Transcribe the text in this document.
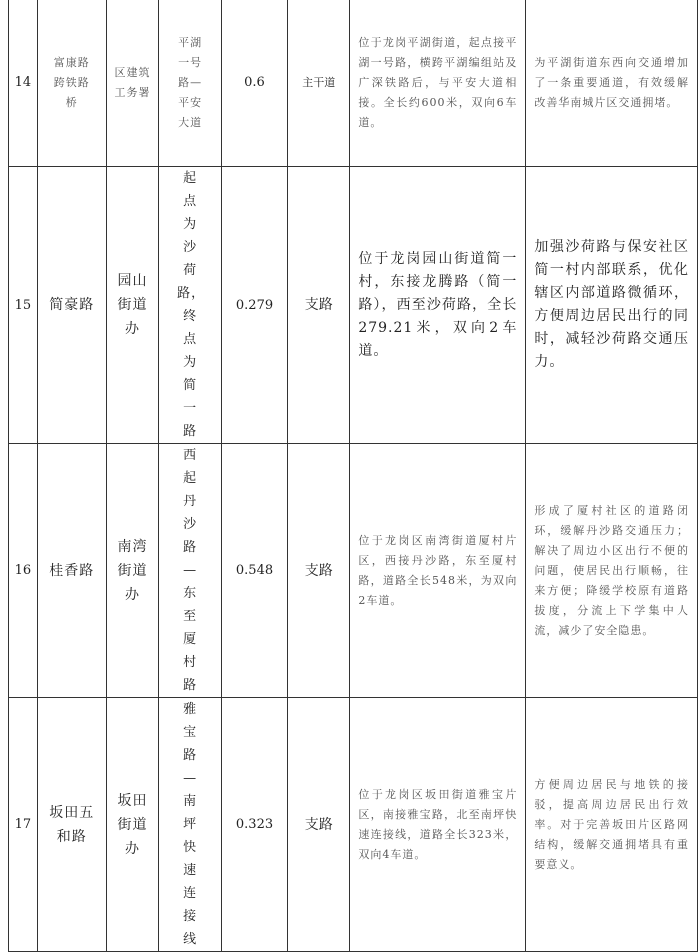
14	富康路跨铁路桥	区建筑工务署	平湖一号路—平安大道	0.6	主干道	位于龙岗平湖街道，起点接平湖一号路，横跨平湖编组站及广深铁路后，与平安大道相接。全长约600米，双向6车道。	为平湖街道东西向交通增加了一条重要通道，有效缓解改善华南城片区交通拥堵。

15	简豪路	园山街道办	起点为沙荷路，终点为简一路	0.279	支路	位于龙岗园山街道简一村，东接龙腾路（简一路），西至沙荷路，全长279.21米，双向2车道。	加强沙荷路与保安社区简一村内部联系，优化辖区内部道路微循环，方便周边居民出行的同时，减轻沙荷路交通压力。

16	桂香路	南湾街道办	西起丹沙路—东至厦村路	0.548	支路	位于龙岗区南湾街道厦村片区，西接丹沙路，东至厦村路，道路全长548米，为双向2车道。	形成了厦村社区的道路闭环，缓解丹沙路交通压力；解决了周边小区出行不便的问题，使居民出行顺畅，往来方便；降缓学校原有道路拔度，分流上下学集中人流，减少了安全隐患。

17	坂田五和路	坂田街道办	雅宝路—南坪快速连接线	0.323	支路	位于龙岗区坂田街道雅宝片区，南接雅宝路，北至南坪快速连接线，道路全长323米，双向4车道。	方便周边居民与地铁的接驳，提高周边居民出行效率。对于完善坂田片区路网结构，缓解交通拥堵具有重要意义。
